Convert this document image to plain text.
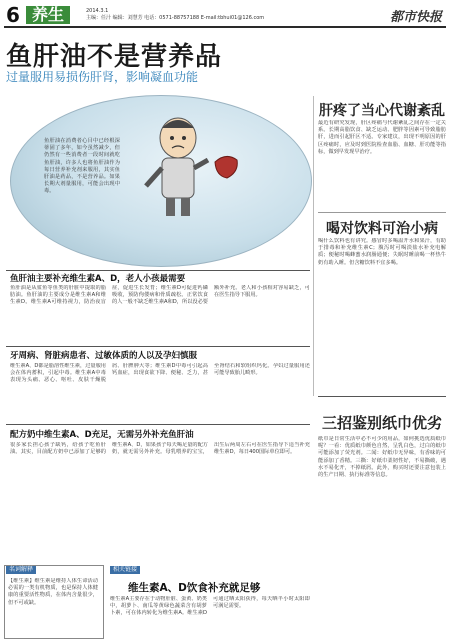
6 养生	2014.3.1
主编：任汁 编辑：刘慧芳 电话：0571-88757188 E-mail:tbhui01@126.com	都市快报
鱼肝油不是营养品
过量服用易损伤肝肾，影响凝血功能
鱼肝油在消费者心目中已经根深蒂固了多年，如今虽然减少，但仍然有一些消费者一段时间就吃鱼肝油，许多人也将鱼肝油作为每日营养补充剂来服用，其实鱼肝油是药品，不是营养品。如果长期大剂量服用，可能会出现中毒。
肝疼了当心代谢紊乱
最近有研究发现，肝区疼痛与代谢紊乱之间存在一定关系。长期高脂饮食、缺乏运动、肥胖等因素可导致脂肪肝，进而引起肝区不适。专家建议，出现不明原因的肝区疼痛时，应及时到医院检查血脂、血糖、肝功能等指标，做到早发现早治疗。
喝对饮料可治小病
喝什么饮料也有讲究。感冒时多喝温开水和果汁，有助于排毒和补充维生素C；腹泻时可喝淡盐水补充电解质；便秘时喝蜂蜜水润肠通便；失眠时睡前喝一杯热牛奶有助入睡。但含糖饮料不宜多喝。
鱼肝油主要补充维生素A、D，老人小孩最需要
鱼肝油是从鲨鱼等鱼类的肝脏中提取的脂肪油。鱼肝油的主要成分是维生素A和维生素D。维生素A可维持视力，防治夜盲症，促进生长发育；维生素D可促进钙磷吸收，预防佝偻病和骨质疏松。正常饮食的人一般不缺乏维生素A和D，所以没必要额外补充。老人和小孩相对容易缺乏，可在医生指导下服用。
牙周病、肾脏病患者、过敏体质的人以及孕妇慎服
维生素A、D都是脂溶性维生素，过量服用会在体内蓄积，引起中毒。维生素A中毒表现为头痛、恶心、呕吐、皮肤干燥脱屑、肝脾肿大等；维生素D中毒可引起高钙血症，出现食欲下降、便秘、乏力，甚至肾结石和软组织钙化。孕妇过量服用还可能导致胎儿畸形。
配方奶中维生素A、D充足，无需另外补充鱼肝油
很多家长担心孩子缺钙，给孩子吃鱼肝油。其实，目前配方奶中已添加了足够的维生素A、D，如果孩子每天喝足量的配方奶，就无需另外补充。母乳喂养的宝宝，出生后两周左右可在医生指导下适当补充维生素D，每日400国际单位即可。
三招鉴别纸巾优劣
纸巾是日常生活中必不可少的用品，如何挑选优质纸巾呢？一看：优质纸巾颜色自然，呈乳白色，过白的纸巾可能添加了荧光剂。二闻：好纸巾无异味，有香味的可能添加了香精。三撕：好纸巾柔韧性好，不易撕破，遇水不易化开，不掉纸屑。此外，购买时还要注意包装上的生产日期、执行标准等信息。
名词解释
【维生素】维生素是维持人体生命活动必需的一类有机物质，也是保持人体健康的重要活性物质，在体内含量很少，但不可或缺。
相关链接
维生素A、D饮食补充就足够
维生素A主要存在于动物肝脏、蛋黄、奶类中，胡萝卜、南瓜等黄绿色蔬菜含有胡萝卜素，可在体内转化为维生素A。维生素D可通过晒太阳获得，每天晒半小时太阳即可满足需要。
